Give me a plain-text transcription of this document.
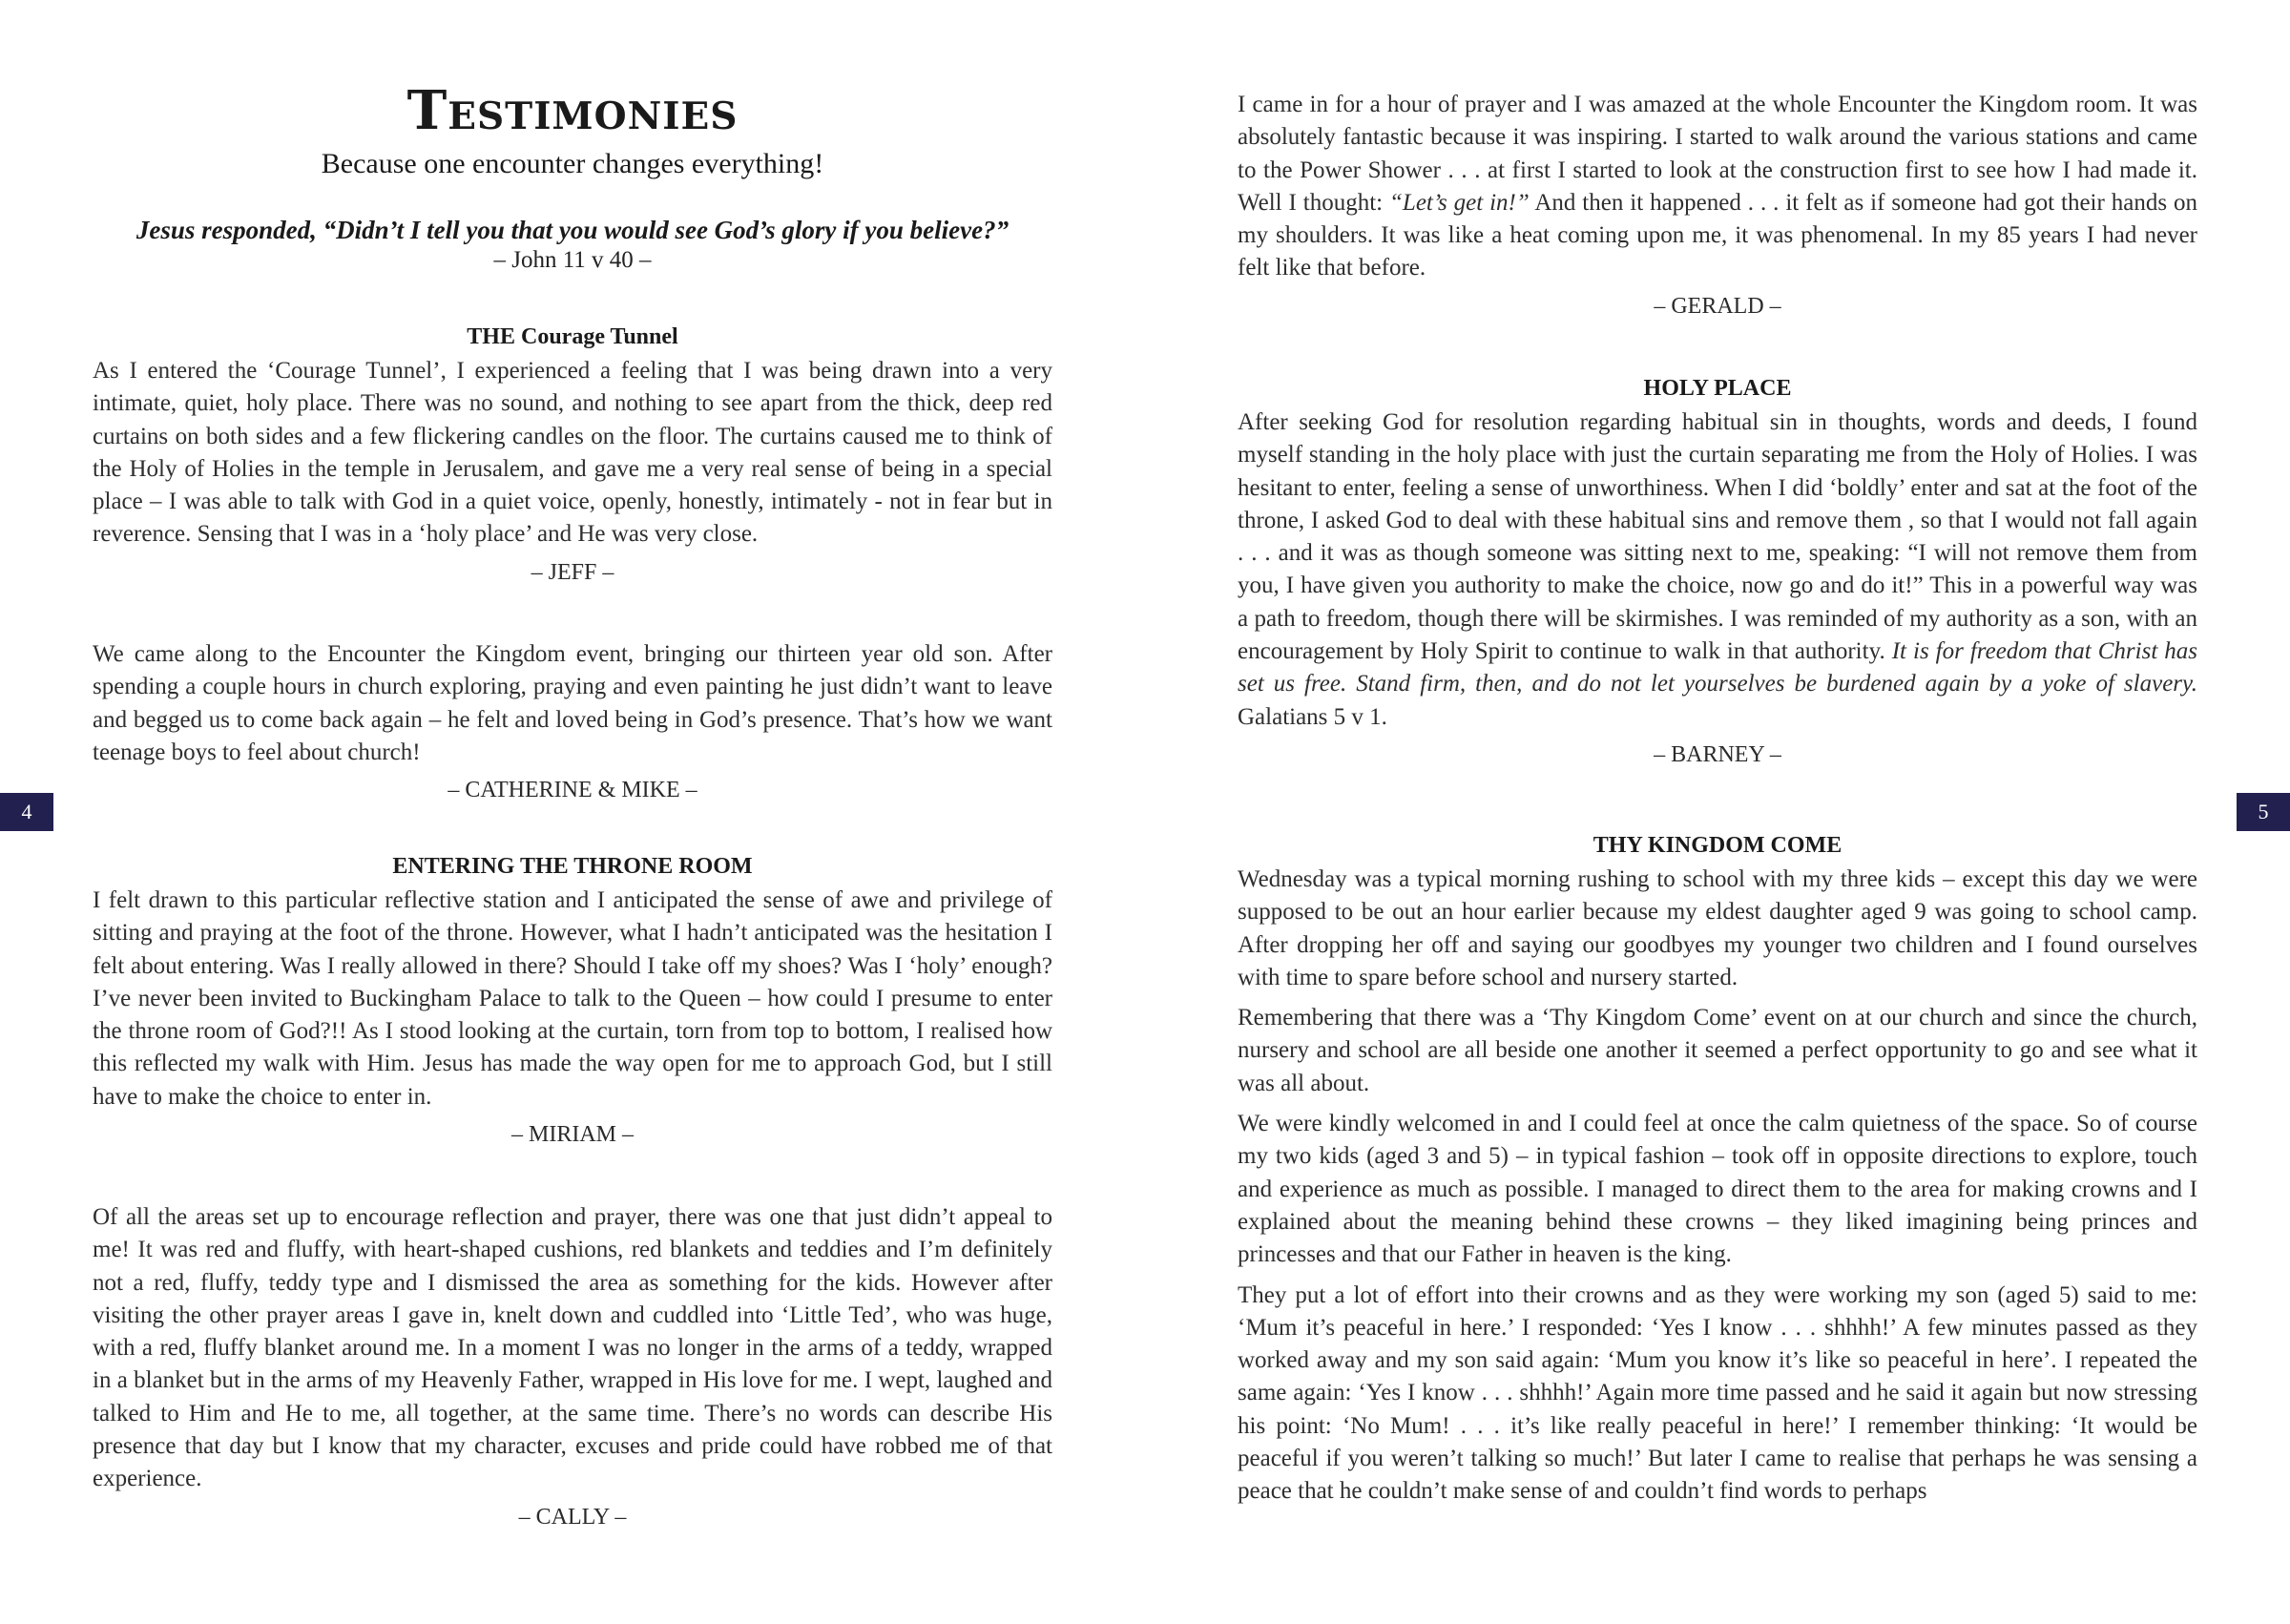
Testimonies
Because one encounter changes everything!
Jesus responded, “Didn’t I tell you that you would see God’s glory if you believe?”
– John 11 v 40 –
THE Courage Tunnel

As I entered the ‘Courage Tunnel’, I experienced a feeling that I was being drawn into a very intimate, quiet, holy place. There was no sound, and nothing to see apart from the thick, deep red curtains on both sides and a few flickering candles on the floor. The curtains caused me to think of the Holy of Holies in the temple in Jerusalem, and gave me a very real sense of being in a special place – I was able to talk with God in a quiet voice, openly, honestly, intimately - not in fear but in reverence. Sensing that I was in a ‘holy place’ and He was very close.

– JEFF –

We came along to the Encounter the Kingdom event, bringing our thirteen year old son. After spending a couple hours in church exploring, praying and even painting he just didn’t want to leave and begged us to come back again – he felt and loved being in God’s presence. That’s how we want teenage boys to feel about church!

– CATHERINE & MIKE –
ENTERING THE THRONE ROOM

I felt drawn to this particular reflective station and I anticipated the sense of awe and privilege of sitting and praying at the foot of the throne. However, what I hadn’t anticipated was the hesitation I felt about entering. Was I really allowed in there? Should I take off my shoes? Was I ‘holy’ enough? I’ve never been invited to Buckingham Palace to talk to the Queen – how could I presume to enter the throne room of God?!! As I stood looking at the curtain, torn from top to bottom, I realised how this reflected my walk with Him. Jesus has made the way open for me to approach God, but I still have to make the choice to enter in.

– MIRIAM –

Of all the areas set up to encourage reflection and prayer, there was one that just didn’t appeal to me! It was red and fluffy, with heart-shaped cushions, red blankets and teddies and I’m definitely not a red, fluffy, teddy type and I dismissed the area as something for the kids. However after visiting the other prayer areas I gave in, knelt down and cuddled into ‘Little Ted’, who was huge, with a red, fluffy blanket around me. In a moment I was no longer in the arms of a teddy, wrapped in a blanket but in the arms of my Heavenly Father, wrapped in His love for me. I wept, laughed and talked to Him and He to me, all together, at the same time. There’s no words can describe His presence that day but I know that my character, excuses and pride could have robbed me of that experience.

– CALLY –
4

I came in for a hour of prayer and I was amazed at the whole Encounter the Kingdom room. It was absolutely fantastic because it was inspiring. I started to walk around the various stations and came to the Power Shower . . . at first I started to look at the construction first to see how I had made it. Well I thought: “Let’s get in!” And then it happened . . . it felt as if someone had got their hands on my shoulders. It was like a heat coming upon me, it was phenomenal. In my 85 years I had never felt like that before.

– GERALD –
HOLY PLACE

After seeking God for resolution regarding habitual sin in thoughts, words and deeds, I found myself standing in the holy place with just the curtain separating me from the Holy of Holies. I was hesitant to enter, feeling a sense of unworthiness. When I did ‘boldly’ enter and sat at the foot of the throne, I asked God to deal with these habitual sins and remove them , so that I would not fall again . . . and it was as though someone was sitting next to me, speaking: “I will not remove them from you, I have given you authority to make the choice, now go and do it!” This in a powerful way was a path to freedom, though there will be skirmishes. I was reminded of my authority as a son, with an encouragement by Holy Spirit to continue to walk in that authority. It is for freedom that Christ has set us free. Stand firm, then, and do not let yourselves be burdened again by a yoke of slavery. Galatians 5 v 1.

– BARNEY –
THY KINGDOM COME

Wednesday was a typical morning rushing to school with my three kids – except this day we were supposed to be out an hour earlier because my eldest daughter aged 9 was going to school camp. After dropping her off and saying our goodbyes my younger two children and I found ourselves with time to spare before school and nursery started.

Remembering that there was a ‘Thy Kingdom Come’ event on at our church and since the church, nursery and school are all beside one another it seemed a perfect opportunity to go and see what it was all about.

We were kindly welcomed in and I could feel at once the calm quietness of the space. So of course my two kids (aged 3 and 5) – in typical fashion – took off in opposite directions to explore, touch and experience as much as possible. I managed to direct them to the area for making crowns and I explained about the meaning behind these crowns – they liked imagining being princes and princesses and that our Father in heaven is the king.

They put a lot of effort into their crowns and as they were working my son (aged 5) said to me: ‘Mum it’s peaceful in here.’ I responded: ‘Yes I know . . . shhhh!’ A few minutes passed as they worked away and my son said again: ‘Mum you know it’s like so peaceful in here’. I repeated the same again: ‘Yes I know . . . shhhh!’ Again more time passed and he said it again but now stressing his point: ‘No Mum! . . . it’s like really peaceful in here!’ I remember thinking: ‘It would be peaceful if you weren’t talking so much!’ But later I came to realise that perhaps he was sensing a peace that he couldn’t make sense of and couldn’t find words to perhaps

5
